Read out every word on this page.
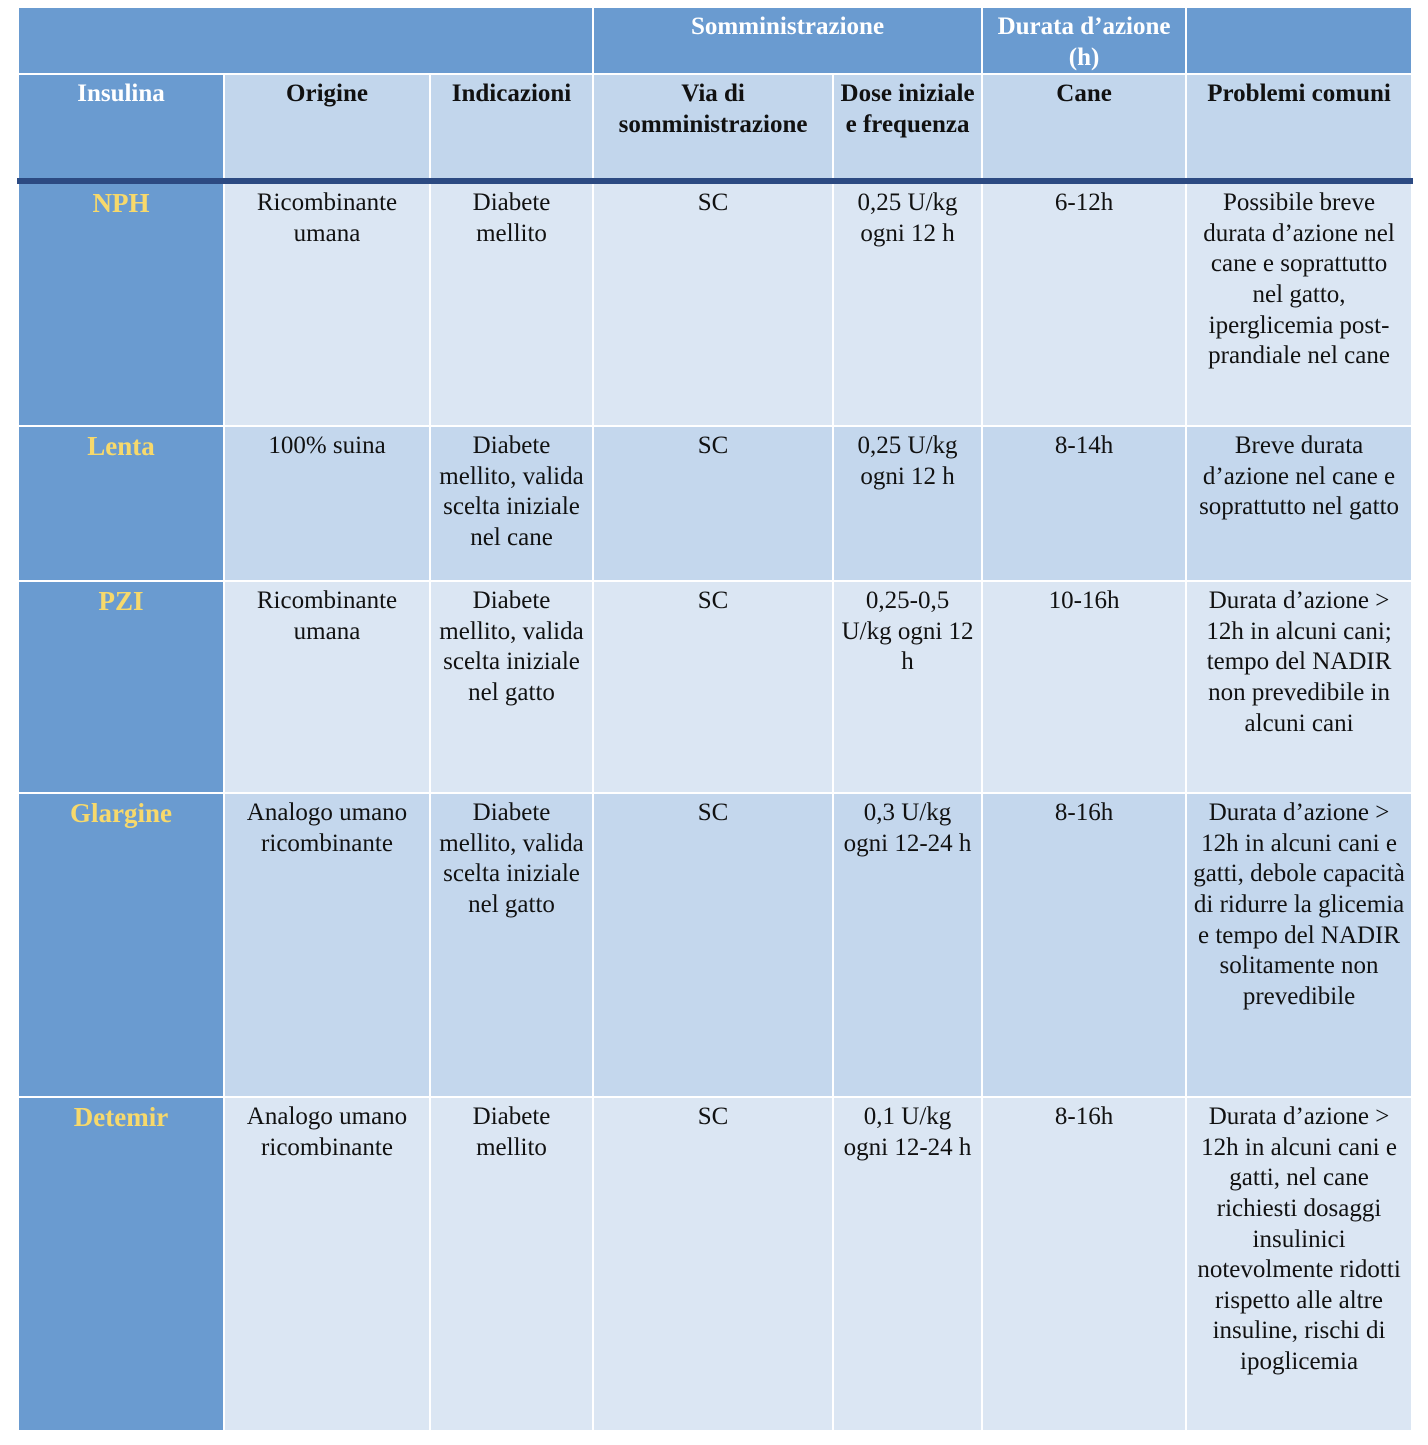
			Somministrazione		Durata d’azione (h)	
Insulina	Origine	Indicazioni	Via di somministrazione	Dose iniziale e frequenza	Cane	Problemi comuni
NPH	Ricombinante umana	Diabete mellito	SC	0,25 U/kg ogni 12 h	6-12h	Possibile breve durata d’azione nel cane e soprattutto nel gatto, iperglicemia post-prandiale nel cane
Lenta	100% suina	Diabete mellito, valida scelta iniziale nel cane	SC	0,25 U/kg ogni 12 h	8-14h	Breve durata d’azione nel cane e soprattutto nel gatto
PZI	Ricombinante umana	Diabete mellito, valida scelta iniziale nel gatto	SC	0,25-0,5 U/kg ogni 12 h	10-16h	Durata d’azione > 12h in alcuni cani; tempo del NADIR non prevedibile in alcuni cani
Glargine	Analogo umano ricombinante	Diabete mellito, valida scelta iniziale nel gatto	SC	0,3 U/kg ogni 12-24 h	8-16h	Durata d’azione > 12h in alcuni cani e gatti, debole capacità di ridurre la glicemia e tempo del NADIR solitamente non prevedibile
Detemir	Analogo umano ricombinante	Diabete mellito	SC	0,1 U/kg ogni 12-24 h	8-16h	Durata d’azione > 12h in alcuni cani e gatti, nel cane richiesti dosaggi insulinici notevolmente ridotti rispetto alle altre insuline, rischi di ipoglicemia
